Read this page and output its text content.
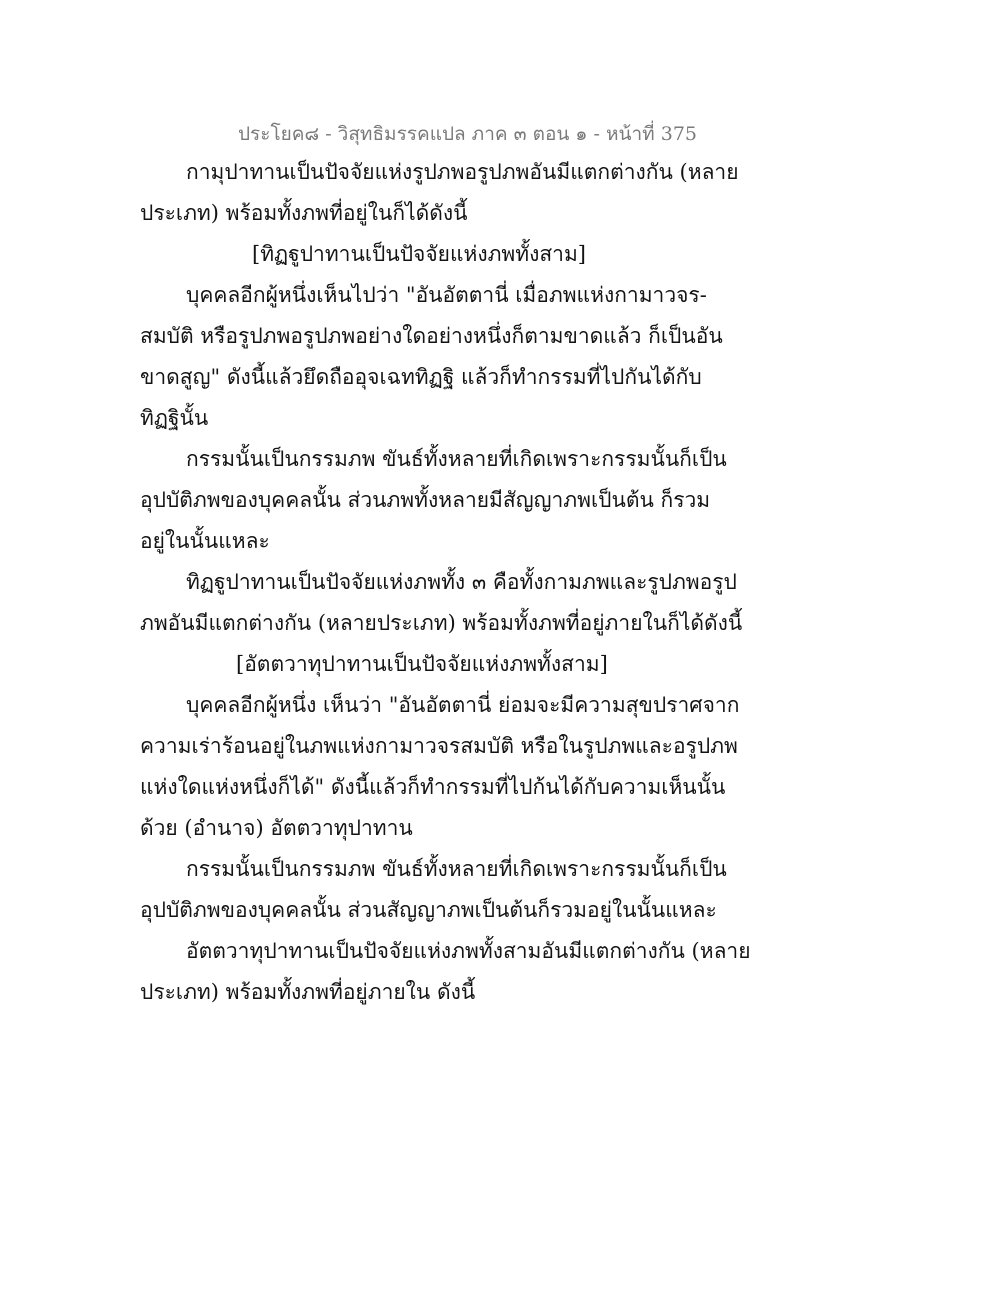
ประโยค๘ - วิสุทธิมรรคแปล ภาค ๓ ตอน ๑ - หน้าที่ 375
กามุปาทานเป็นปัจจัยแห่งรูปภพอรูปภพอันมีแตกต่างกัน (หลาย
ประเภท) พร้อมทั้งภพที่อยู่ในก็ได้ดังนี้
[ทิฏฐูปาทานเป็นปัจจัยแห่งภพทั้งสาม]
บุคคลอีกผู้หนึ่งเห็นไปว่า "อันอัตตานี่ เมื่อภพแห่งกามาวจร-
สมบัติ หรือรูปภพอรูปภพอย่างใดอย่างหนึ่งก็ตามขาดแล้ว ก็เป็นอัน
ขาดสูญ" ดังนี้แล้วยึดถืออุจเฉททิฏฐิ แล้วก็ทำกรรมที่ไปกันได้กับ
ทิฏฐินั้น
กรรมนั้นเป็นกรรมภพ ขันธ์ทั้งหลายที่เกิดเพราะกรรมนั้นก็เป็น
อุปบัติภพของบุคคลนั้น ส่วนภพทั้งหลายมีสัญญาภพเป็นต้น ก็รวม
อยู่ในนั้นแหละ
ทิฏฐูปาทานเป็นปัจจัยแห่งภพทั้ง ๓ คือทั้งกามภพและรูปภพอรูป
ภพอันมีแตกต่างกัน (หลายประเภท) พร้อมทั้งภพที่อยู่ภายในก็ได้ดังนี้
[อัตตวาทุปาทานเป็นปัจจัยแห่งภพทั้งสาม]
บุคคลอีกผู้หนึ่ง เห็นว่า "อันอัตตานี่ ย่อมจะมีความสุขปราศจาก
ความเร่าร้อนอยู่ในภพแห่งกามาวจรสมบัติ หรือในรูปภพและอรูปภพ
แห่งใดแห่งหนึ่งก็ได้" ดังนี้แล้วก็ทำกรรมที่ไปก้นได้กับความเห็นนั้น
ด้วย (อำนาจ) อัตตวาทุปาทาน
กรรมนั้นเป็นกรรมภพ ขันธ์ทั้งหลายที่เกิดเพราะกรรมนั้นก็เป็น
อุปบัติภพของบุคคลนั้น ส่วนสัญญาภพเป็นต้นก็รวมอยู่ในนั้นแหละ
อัตตวาทุปาทานเป็นปัจจัยแห่งภพทั้งสามอันมีแตกต่างกัน (หลาย
ประเภท) พร้อมทั้งภพที่อยู่ภายใน ดังนี้
